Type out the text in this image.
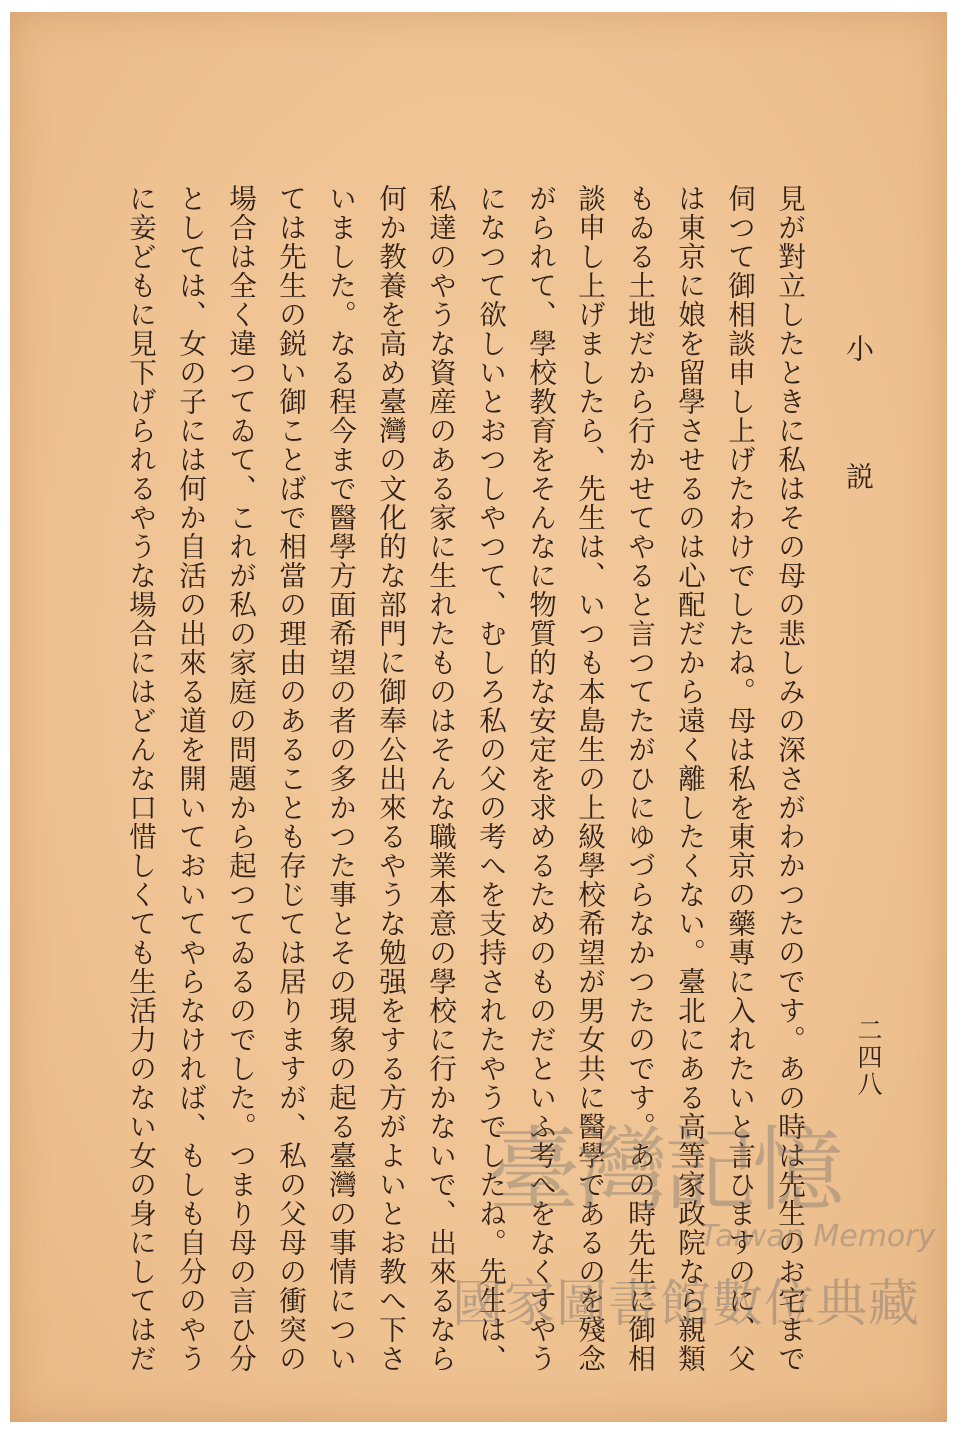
小説
二四八
見が對立したときに私はその母の悲しみの深さがわかつたのです。あの時は先生のお宅まで
伺つて御相談申し上げたわけでしたね。母は私を東京の藥專に入れたいと言ひますのに、父
は東京に娘を留學させるのは心配だから遠く離したくない。臺北にある高等家政院なら親類
もゐる土地だから行かせてやると言つてたがひにゆづらなかつたのです。あの時先生に御相
談申し上げましたら、先生は、いつも本島生の上級學校希望が男女共に醫學であるのを殘念
がられて、學校教育をそんなに物質的な安定を求めるためのものだといふ考へをなくすやう
になつて欲しいとおつしやつて、むしろ私の父の考へを支持されたやうでしたね。先生は、
私達のやうな資産のある家に生れたものはそんな職業本意の學校に行かないで、出來るなら
何か教養を高め臺灣の文化的な部門に御奉公出來るやうな勉强をする方がよいとお教へ下さ
いました。なる程今まで醫學方面希望の者の多かつた事とその現象の起る臺灣の事情につい
ては先生の鋭い御ことばで相當の理由のあることも存じては居りますが、私の父母の衝突の
場合は全く違つてゐて、これが私の家庭の問題から起つてゐるのでした。つまり母の言ひ分
としては、女の子には何か自活の出來る道を開いておいてやらなければ、もしも自分のやう
に妾どもに見下げられるやうな場合にはどんな口惜しくても生活力のない女の身にしてはだ	臺灣記憶
Taiwan Memory
國家圖書館數位典藏
